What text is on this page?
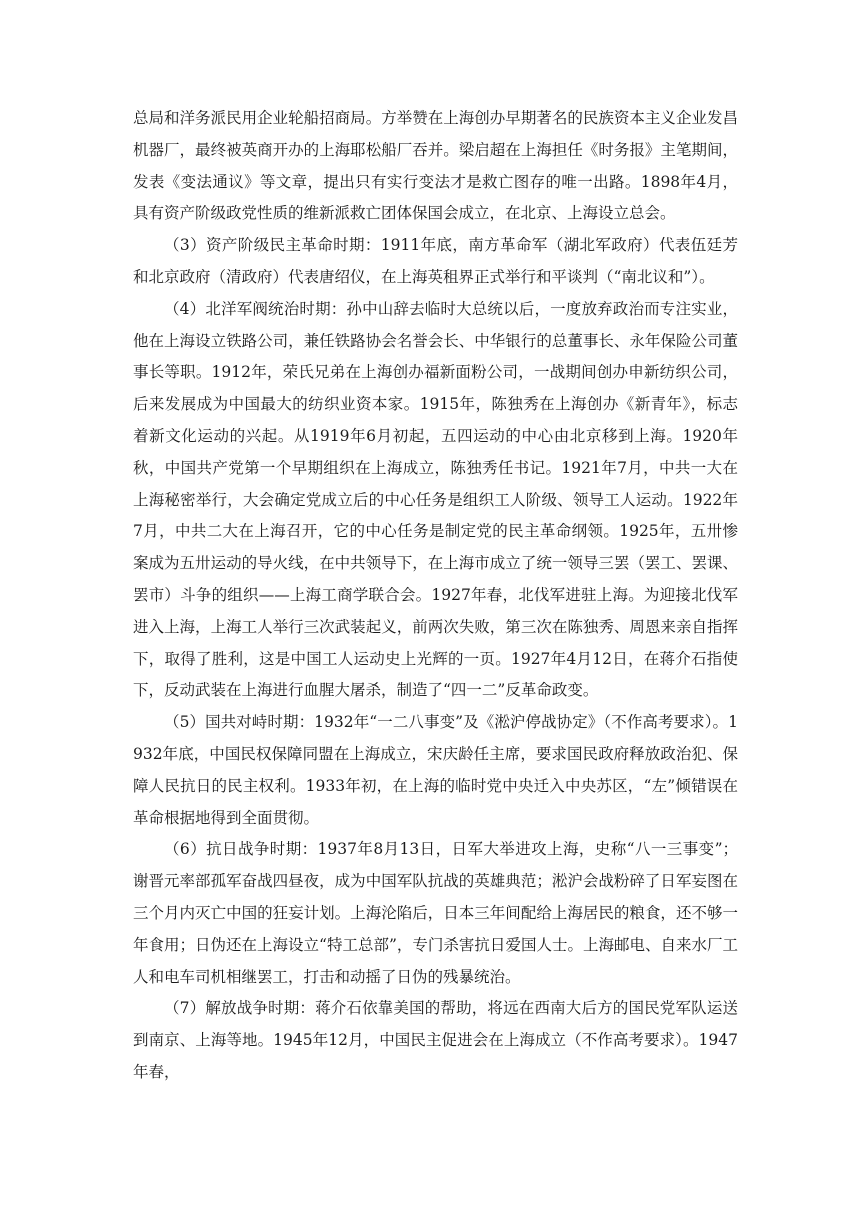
总局和洋务派民用企业轮船招商局。方举赞在上海创办早期著名的民族资本主义企业发昌机器厂，最终被英商开办的上海耶松船厂吞并。梁启超在上海担任《时务报》主笔期间，发表《变法通议》等文章，提出只有实行变法才是救亡图存的唯一出路。1898年4月，具有资产阶级政党性质的维新派救亡团体保国会成立，在北京、上海设立总会。

（3）资产阶级民主革命时期：1911年底，南方革命军（湖北军政府）代表伍廷芳和北京政府（清政府）代表唐绍仪，在上海英租界正式举行和平谈判（“南北议和”）。

（4）北洋军阀统治时期：孙中山辞去临时大总统以后，一度放弃政治而专注实业，他在上海设立铁路公司，兼任铁路协会名誉会长、中华银行的总董事长、永年保险公司董事长等职。1912年，荣氏兄弟在上海创办福新面粉公司，一战期间创办申新纺织公司，后来发展成为中国最大的纺织业资本家。1915年，陈独秀在上海创办《新青年》，标志着新文化运动的兴起。从1919年6月初起，五四运动的中心由北京移到上海。1920年秋，中国共产党第一个早期组织在上海成立，陈独秀任书记。1921年7月，中共一大在上海秘密举行，大会确定党成立后的中心任务是组织工人阶级、领导工人运动。1922年7月，中共二大在上海召开，它的中心任务是制定党的民主革命纲领。1925年，五卅惨案成为五卅运动的导火线，在中共领导下，在上海市成立了统一领导三罢（罢工、罢课、罢市）斗争的组织——上海工商学联合会。1927年春，北伐军进驻上海。为迎接北伐军进入上海，上海工人举行三次武装起义，前两次失败，第三次在陈独秀、周恩来亲自指挥下，取得了胜利，这是中国工人运动史上光辉的一页。1927年4月12日，在蒋介石指使下，反动武装在上海进行血腥大屠杀，制造了“四一二”反革命政变。

（5）国共对峙时期：1932年“一二八事变”及《淞沪停战协定》（不作高考要求）。1932年底，中国民权保障同盟在上海成立，宋庆龄任主席，要求国民政府释放政治犯、保障人民抗日的民主权利。1933年初，在上海的临时党中央迁入中央苏区，“左”倾错误在革命根据地得到全面贯彻。

（6）抗日战争时期：1937年8月13日，日军大举进攻上海，史称“八一三事变”；谢晋元率部孤军奋战四昼夜，成为中国军队抗战的英雄典范；淞沪会战粉碎了日军妄图在三个月内灭亡中国的狂妄计划。上海沦陷后，日本三年间配给上海居民的粮食，还不够一年食用；日伪还在上海设立“特工总部”，专门杀害抗日爱国人士。上海邮电、自来水厂工人和电车司机相继罢工，打击和动摇了日伪的残暴统治。

（7）解放战争时期：蒋介石依靠美国的帮助，将远在西南大后方的国民党军队运送到南京、上海等地。1945年12月，中国民主促进会在上海成立（不作高考要求）。1947年春，
